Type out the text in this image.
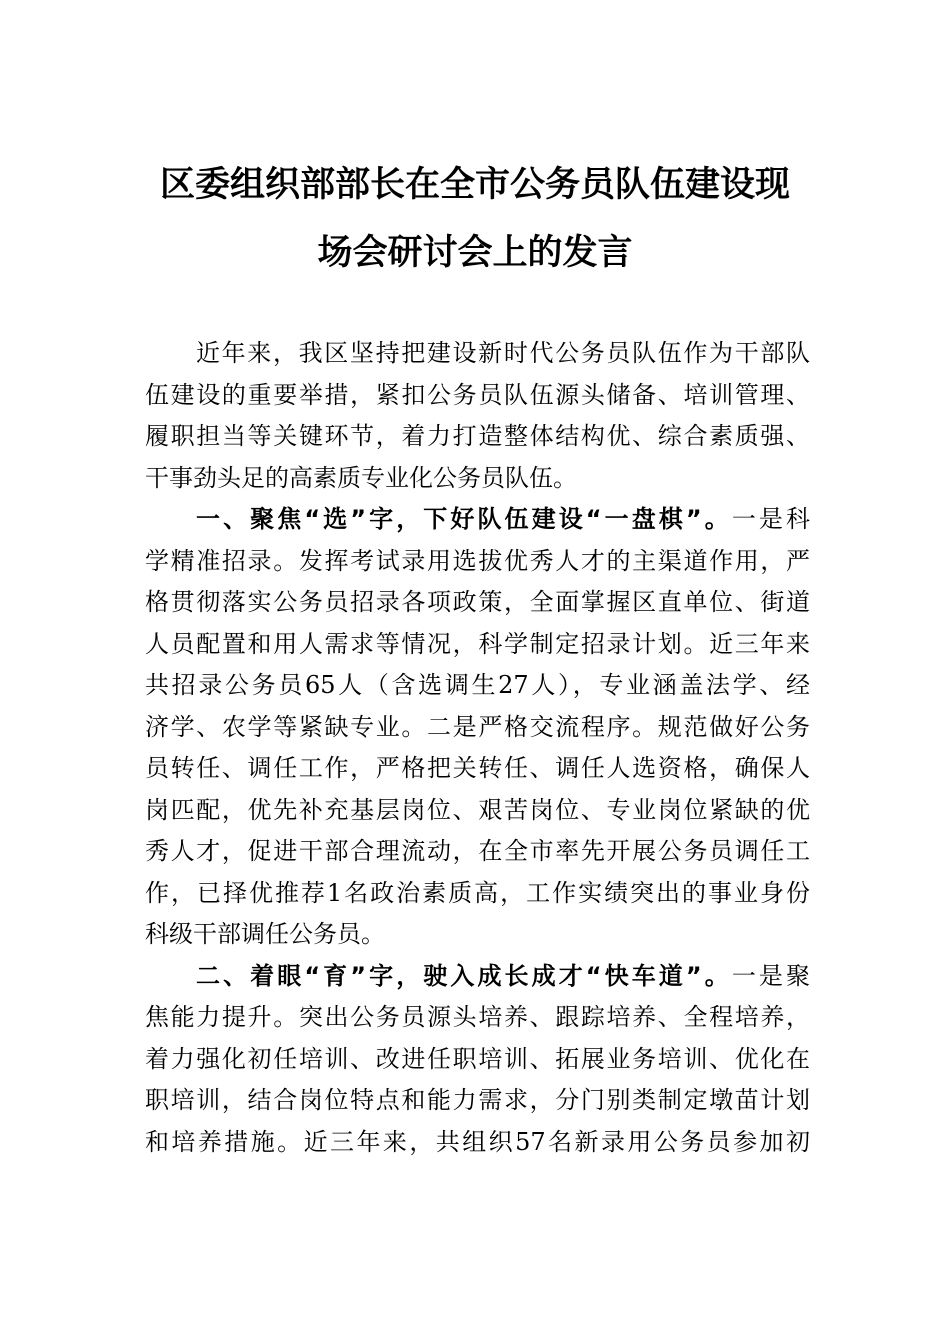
区委组织部部长在全市公务员队伍建设现
场会研讨会上的发言
近年来，我区坚持把建设新时代公务员队伍作为干部队
伍建设的重要举措，紧扣公务员队伍源头储备、培训管理、
履职担当等关键环节，着力打造整体结构优、综合素质强、
干事劲头足的高素质专业化公务员队伍。
一、聚焦“选”字，下好队伍建设“一盘棋”。一是科
学精准招录。发挥考试录用选拔优秀人才的主渠道作用，严
格贯彻落实公务员招录各项政策，全面掌握区直单位、街道
人员配置和用人需求等情况，科学制定招录计划。近三年来
共招录公务员65人（含选调生27人），专业涵盖法学、经
济学、农学等紧缺专业。二是严格交流程序。规范做好公务
员转任、调任工作，严格把关转任、调任人选资格，确保人
岗匹配，优先补充基层岗位、艰苦岗位、专业岗位紧缺的优
秀人才，促进干部合理流动，在全市率先开展公务员调任工
作，已择优推荐1名政治素质高，工作实绩突出的事业身份
科级干部调任公务员。
二、着眼“育”字，驶入成长成才“快车道”。一是聚
焦能力提升。突出公务员源头培养、跟踪培养、全程培养，
着力强化初任培训、改进任职培训、拓展业务培训、优化在
职培训，结合岗位特点和能力需求，分门别类制定墩苗计划
和培养措施。近三年来，共组织57名新录用公务员参加初
